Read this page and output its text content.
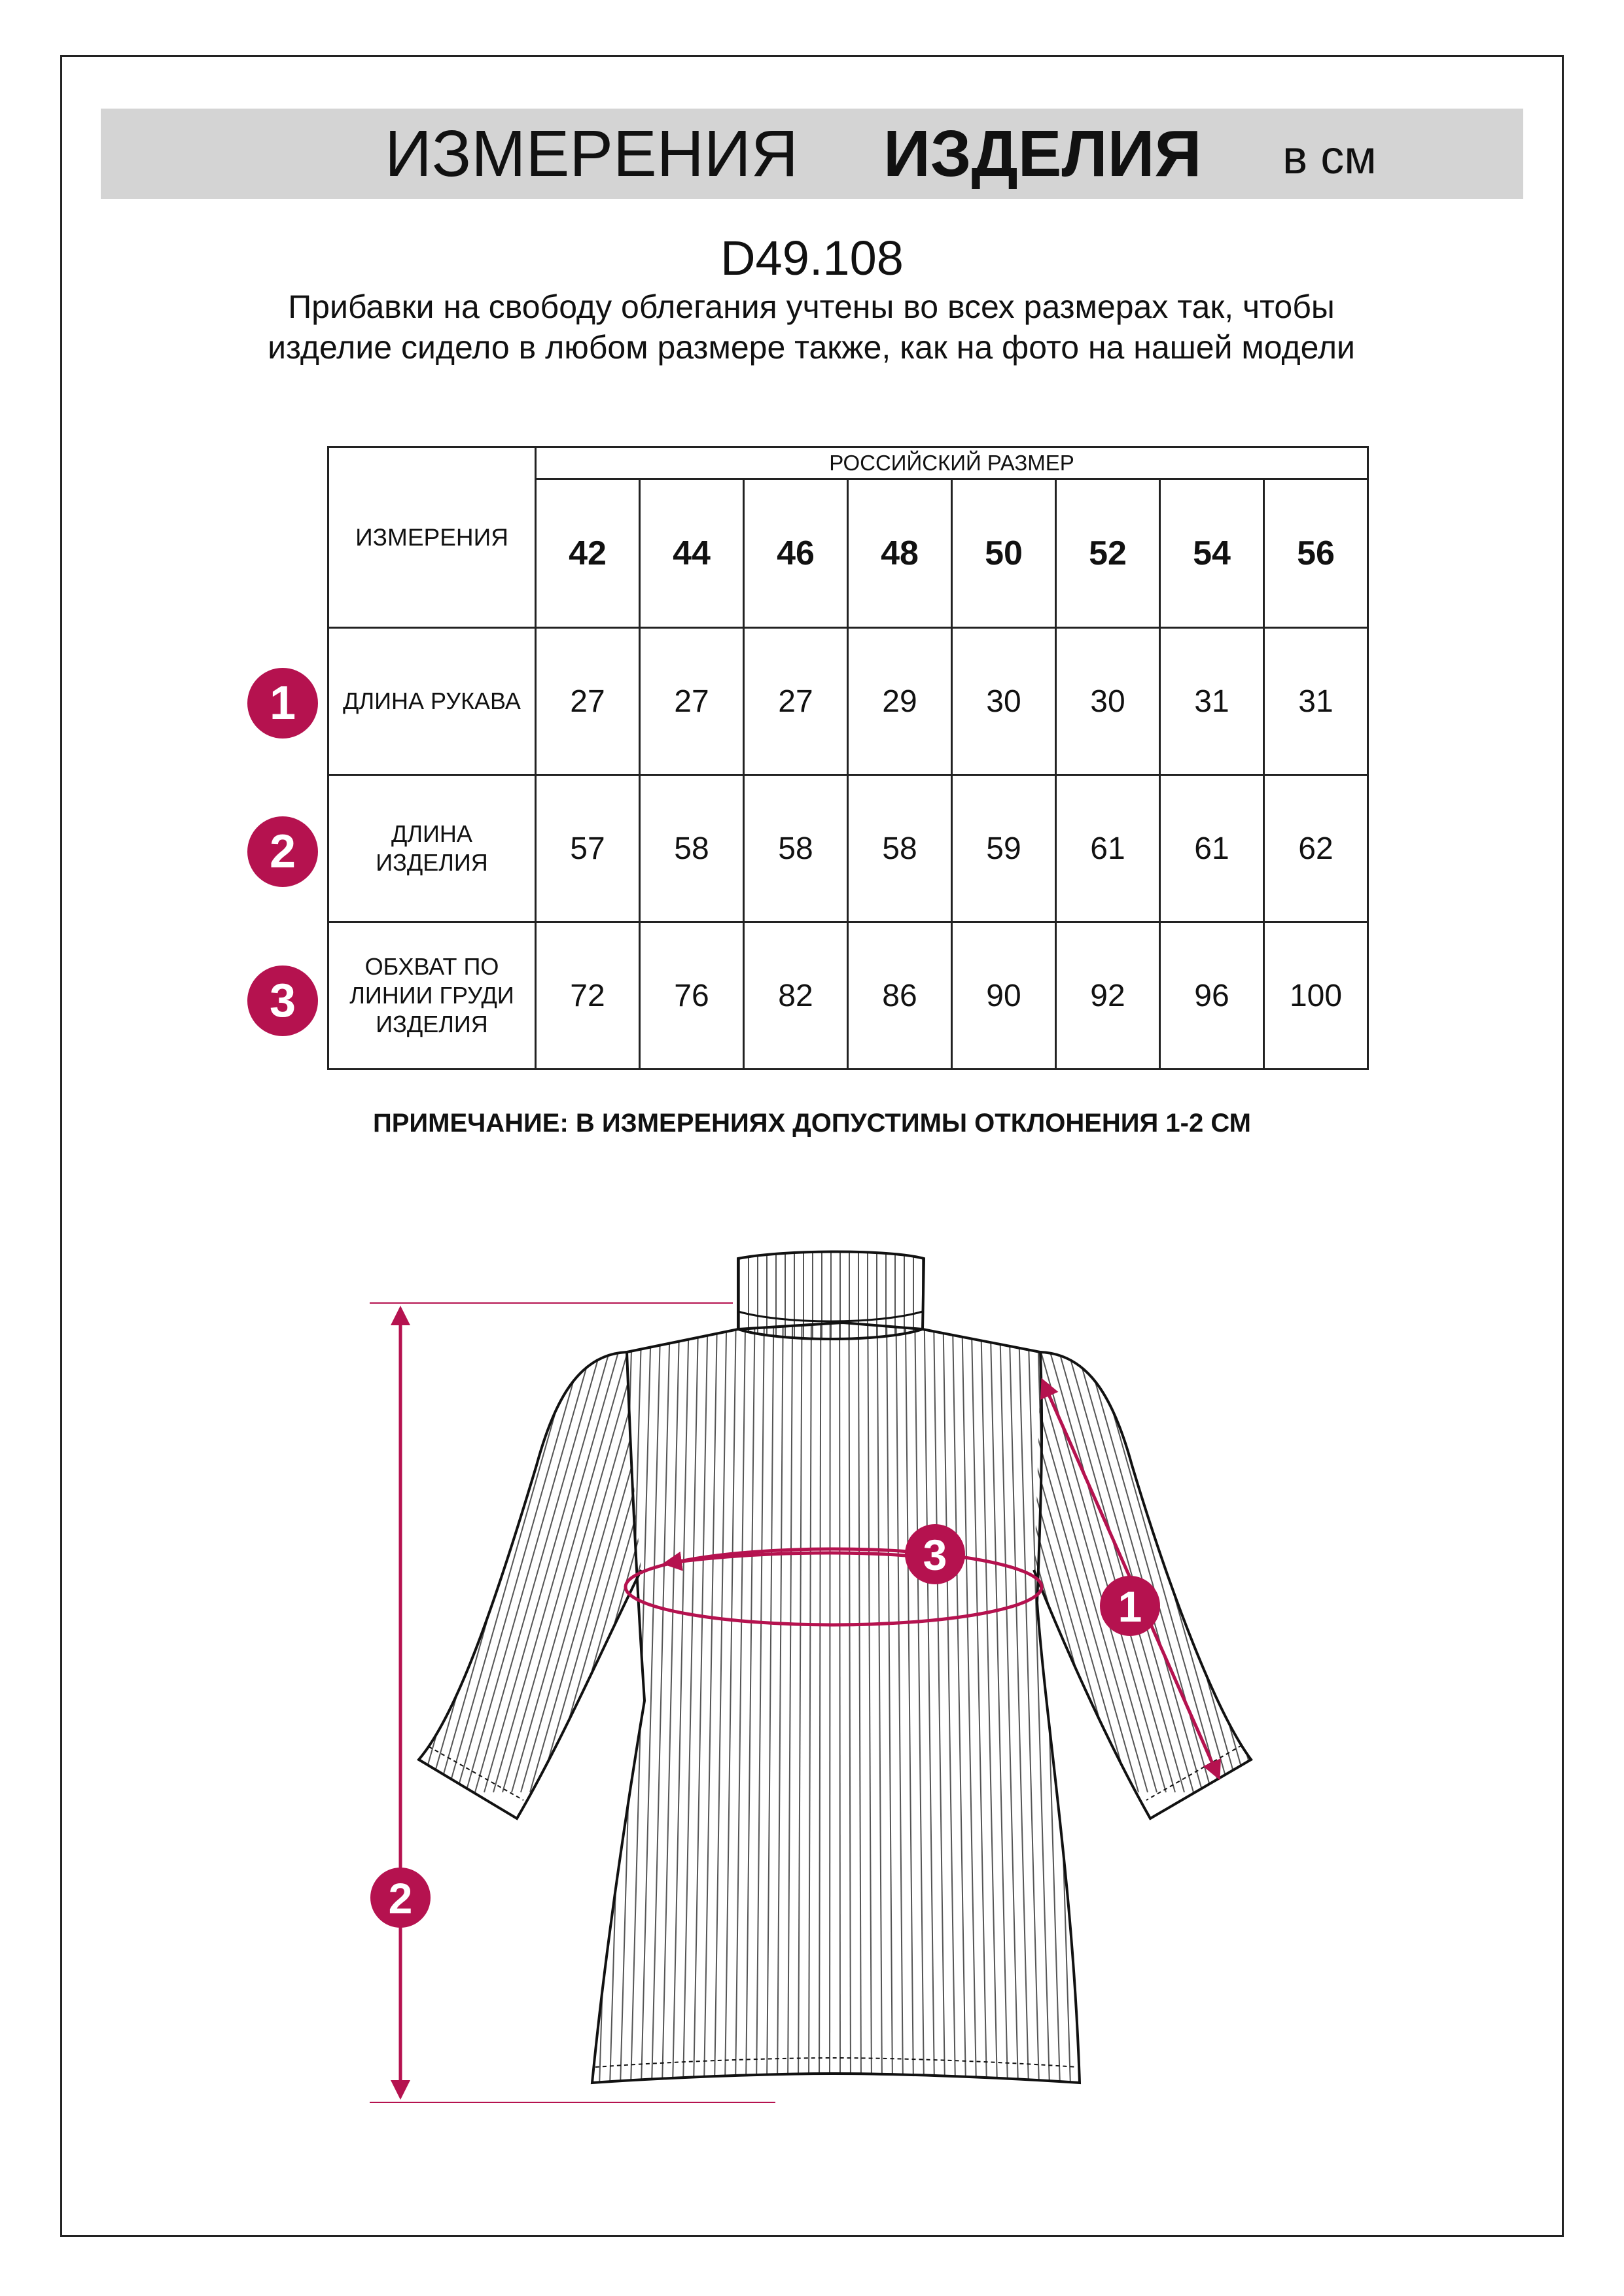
ИЗМЕРЕНИЯ ИЗДЕЛИЯ в см
D49.108
Прибавки на свободу облегания учтены во всех размерах так, чтобы изделие сидело в любом размере также, как на фото на нашей модели
ИЗМЕРЕНИЯ	РОССИЙСКИЙ РАЗМЕР							
	42	44	46	48	50	52	54	56
ДЛИНА РУКАВА	27	27	27	29	30	30	31	31
ДЛИНА ИЗДЕЛИЯ	57	58	58	58	59	61	61	62
ОБХВАТ ПО ЛИНИИ ГРУДИ ИЗДЕЛИЯ	72	76	82	86	90	92	96	100
1
2
3
ПРИМЕЧАНИЕ: В ИЗМЕРЕНИЯХ ДОПУСТИМЫ ОТКЛОНЕНИЯ 1-2 СМ
1
2
3
